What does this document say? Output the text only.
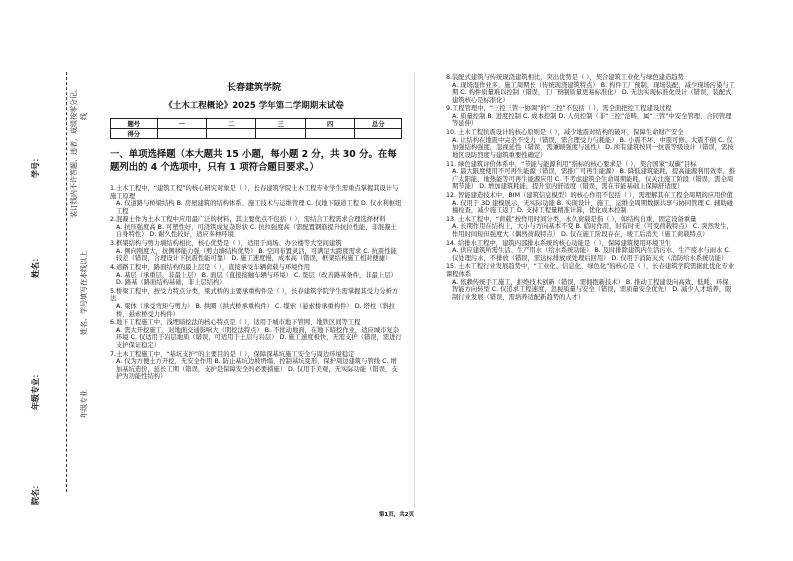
学号：
姓名：
年级专业：
院名：
装订线内不许答题，违者，成绩按零分记。
姓名、学号填写在本线以上
年级专业
线
长春建筑学院
《土木工程概论》2025 学年第二学期期末试卷
题号	一	二	三	四	总分
得分					
一、单项选择题（本大题共 15 小题，每小题 2 分，共 30 分。在每
题列出的 4 个选项中，只有 1 项符合题目要求。）
1.土木工程中，“建筑工程”的核心研究对象是（ ），长春建筑学院土木工程专业学生需重点掌握其设计与施工原理
A. 仅道路与桥梁结构 B. 房屋建筑的结构体系、施工技术与运维管理 C. 仅地下隧道工程 D. 仅水利枢纽工程
2.混凝土作为土木工程中应用最广泛的材料，其主要优点不包括（ ），需结合工程需求合理选择材料
A. 抗压强度高 B. 可塑性好，可浇筑成复杂形状 C. 抗拉强度高（需配置钢筋提升抗拉性能，非混凝土自身特性） D. 耐久性较好，适应多种环境
3.框架结构与剪力墙结构相比，核心优势是（ ），适用于商场、办公楼等大空间建筑
A. 侧向刚度大，抗侧移能力强（剪力墙结构优势） B. 空间布置灵活，可满足大跨度需求 C. 抗震性能较差（错误，合理设计下抗震性能可靠） D. 施工速度慢，成本高（错误，框架结构施工相对便捷）
4.道路工程中，路面结构的最上层是（ ），直接承受车辆荷载与环境作用
A. 基层（承重层，非最上层） B. 面层（直接接触车辆与环境） C. 垫层（改善路基条件，非最上层） D. 路基（路面结构基础，非上层结构）
5.桥梁工程中，按受力特点分类，梁式桥的主要承重构件是（ ），长春建筑学院学生需掌握其受力分析方法
A. 梁体（承受弯矩与剪力） B. 拱圈（拱式桥承重构件） C. 缆索（悬索桥承重构件） D. 塔柱（斜拉桥、悬索桥受力构件）
6.地下工程施工中，浅埋暗挖法的核心特点是（ ），适用于城市地下管网、地铁区间等工程
A. 需大开挖施工，对地面交通影响大（明挖法特点） B. 不扰动地面，在地下暗挖作业，适应城市复杂环境 C. 仅适用于岩层地质（错误，可适用于土层与岩层） D. 施工速度极快，无需支护（错误，需进行支护保证稳定）
7.土木工程施工中，“基坑支护”的主要目的是（ ），保障深基坑施工安全与周边环境稳定
A. 仅为方便土方开挖，无安全作用 B. 防止基坑边坡坍塌、控制基坑变形，保护周边建筑与管线 C. 增加基坑造价，延长工期（错误，支护是保障安全的必要措施） D. 仅用于美观，无实际功能（错误，支护为功能性结构）
8.装配式建筑与传统现浇建筑相比，突出优势是（ ），契合建筑工业化与绿色建造趋势
A. 现场湿作业多，施工周期长（传统现浇建筑特点） B. 构件工厂预制，现场装配，减少现场污染与工期 C. 构件质量难以控制（错误，工厂预制质量更易标准化） D. 无法实现标准化设计（错误，装配式建筑核心是标准化）
9.工程管理中，“三控三管一协调”的“三控”不包括（ ），需全面把控工程建设过程
A. 质量控制 B. 进度控制 C. 成本控制 D. 人员控制（非“三控”范畴，属“三管”中安全管理、合同管理等延伸）
10. 土木工程抗震设计的核心原则是（ ），减少地震对结构的破坏，保障生命财产安全
A. 让结构在地震中完全不受力（错误，需合理受力与耗能） B. 小震不坏、中震可修、大震不倒 C. 仅加强结构强度，忽视延性（错误，需兼顾强度与延性） D. 所有建筑按同一抗震等级设计（错误，需按地区设防烈度与建筑重要性确定）
11. 绿色建筑评价体系中，“节能与能源利用”指标的核心要求是（ ），契合国家“双碳”目标
A. 最大限度使用不可再生能源（错误，需推广可再生能源） B. 降低建筑能耗，提高能源利用效率，推广太阳能、地热能等可再生能源应用 C. 不考虑建筑全生命周期能耗，仅关注施工阶段（错误，需全周期节能） D. 增加建筑耗能，提升室内舒适度（错误，需在节能基础上保障舒适度）
12. 智能建造技术中，BIM（建筑信息模型）的核心作用不包括（ ），需理解其在工程全周期的应用价值
A. 仅用于 3D 建模展示，无实际功能 B. 实现设计、施工、运维全周期数据共享与协同管理 C. 辅助碰撞检查，减少施工返工 D. 支持工程量精准计算，优化成本控制
13. 土木工程中，“荷载”按作用时间分类，永久荷载是指（ ），如结构自重、固定设备重量
A. 长期作用在结构上，大小与方向基本不变 B. 临时作用，时有时无（可变荷载特点） C. 突然发生，作用时间短但强度大（偶然荷载特点） D. 仅在施工阶段存在，竣工后消失（施工荷载特点）
14. 给排水工程中，建筑内部排水系统的核心功能是（ ），保障建筑使用环境卫生
A. 供应建筑所需生活、生产用水（给水系统功能） B. 及时排除建筑内生活污水、生产废水与雨水 C. 仅处理污水，不排放（错误，需达标排放或处理后回用） D. 仅用于消防灭火（消防给水系统功能）
15. 土木工程行业发展趋势中，“工业化、信息化、绿色化”的核心是（ ），长春建筑学院需据此优化专业课程体系
A. 依赖传统手工施工，拒绝技术创新（错误，需拥抱新技术） B. 推动工程建设向高效、低耗、环保、智能方向转型 C. 仅追求工程速度，忽视质量与安全（错误，需质量安全优先） D. 减少人才培养，限制行业发展（错误，需培养适配新趋势的人才）
第1页，共2页
